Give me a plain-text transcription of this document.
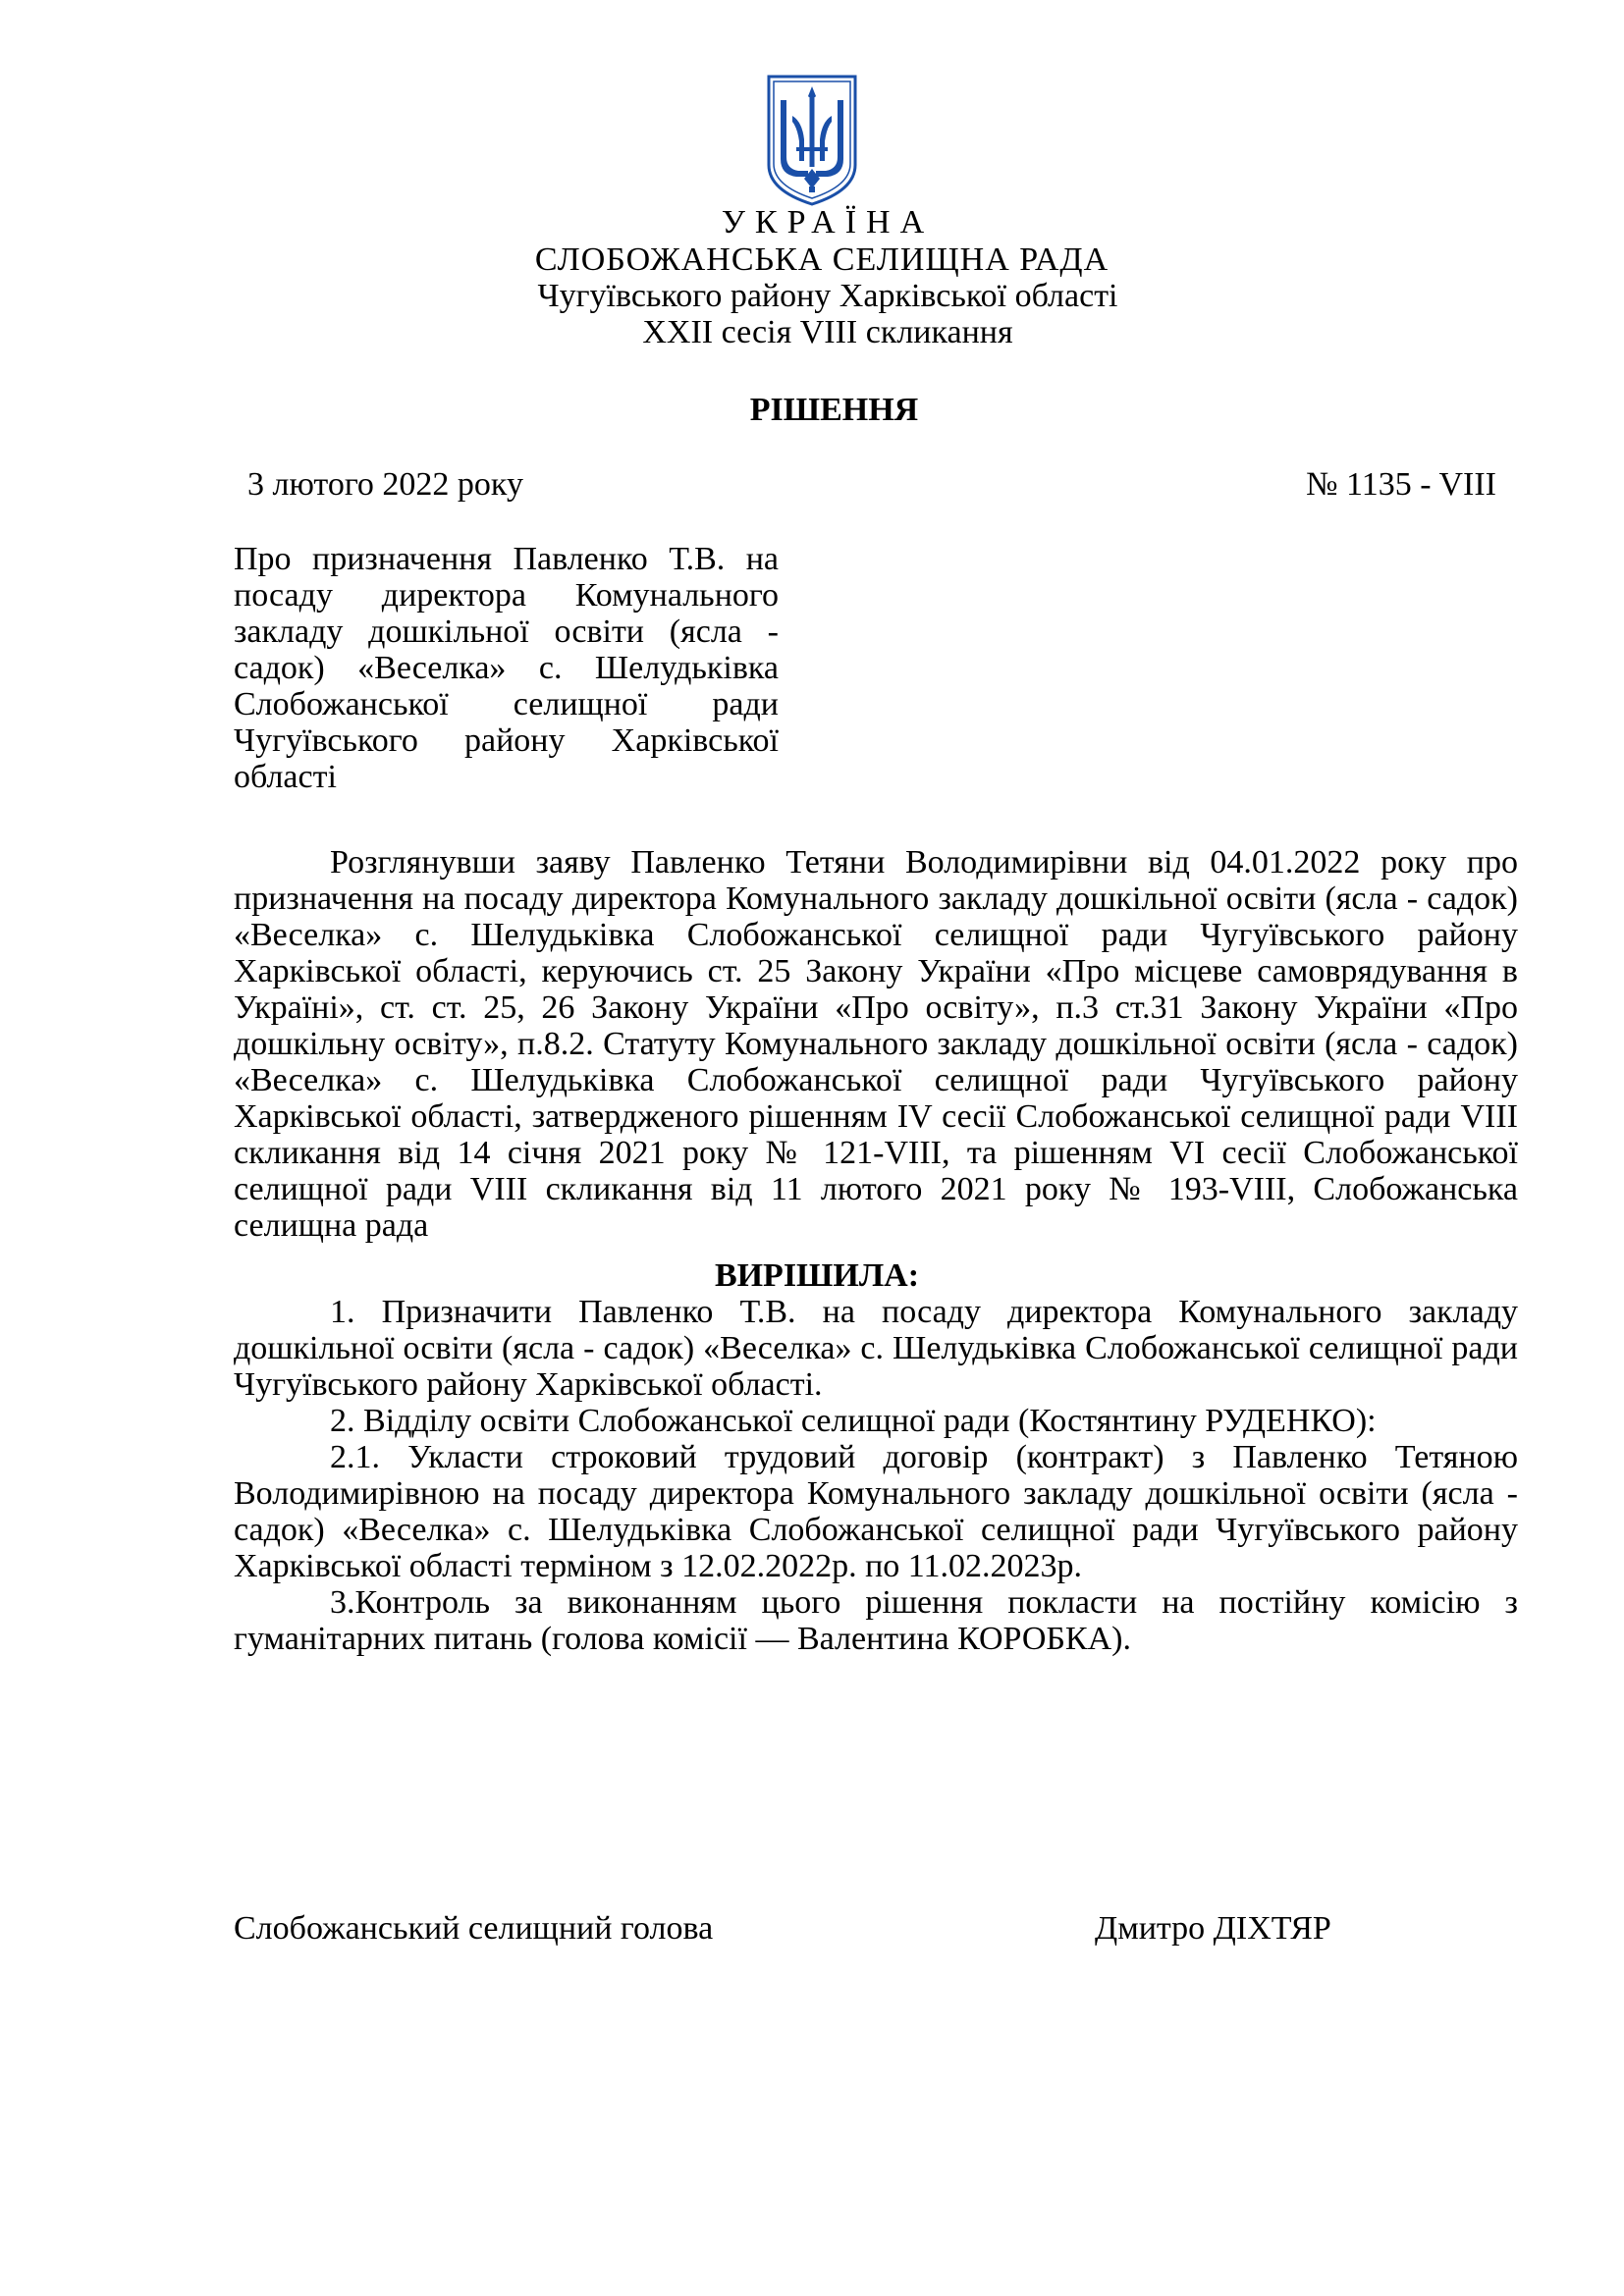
УКРАЇНА

СЛОБОЖАНСЬКА СЕЛИЩНА РАДА

Чугуївського району Харківської області

XXII сесія VIII скликання

РІШЕННЯ

3 лютого 2022 року	№ 1135 - VIII

Про призначення Павленко Т.В. на посаду директора Комунального закладу дошкільної освіти (ясла - садок) «Веселка» с. Шелудьківка Слобожанської селищної ради Чугуївського району Харківської області

Розглянувши заяву Павленко Тетяни Володимирівни від 04.01.2022 року про призначення на посаду директора Комунального закладу дошкільної освіти (ясла - садок) «Веселка» с. Шелудьківка Слобожанської селищної ради Чугуївського району Харківської області, керуючись ст. 25 Закону України «Про місцеве самоврядування в Україні», ст. ст. 25, 26 Закону України «Про освіту», п.3 ст.31 Закону України «Про дошкільну освіту», п.8.2. Статуту Комунального закладу дошкільної освіти (ясла - садок) «Веселка» с. Шелудьківка Слобожанської селищної ради Чугуївського району Харківської області, затвердженого рішенням IV сесії Слобожанської селищної ради VIII скликання від 14 січня 2021 року № 121-VIII, та рішенням VI сесії Слобожанської селищної ради VIII скликання від 11 лютого 2021 року № 193-VIII, Слобожанська селищна рада

ВИРІШИЛА:

1. Призначити Павленко Т.В. на посаду директора Комунального закладу дошкільної освіти (ясла - садок) «Веселка» с. Шелудьківка Слобожанської селищної ради Чугуївського району Харківської області.

2. Відділу освіти Слобожанської селищної ради (Костянтину РУДЕНКО):

2.1. Укласти строковий трудовий договір (контракт) з Павленко Тетяною Володимирівною на посаду директора Комунального закладу дошкільної освіти (ясла - садок) «Веселка» с. Шелудьківка Слобожанської селищної ради Чугуївського району Харківської області терміном з 12.02.2022р. по 11.02.2023р.

3.Контроль за виконанням цього рішення покласти на постійну комісію з гуманітарних питань (голова комісії — Валентина КОРОБКА).

Слобожанський селищний голова	Дмитро ДІХТЯР
